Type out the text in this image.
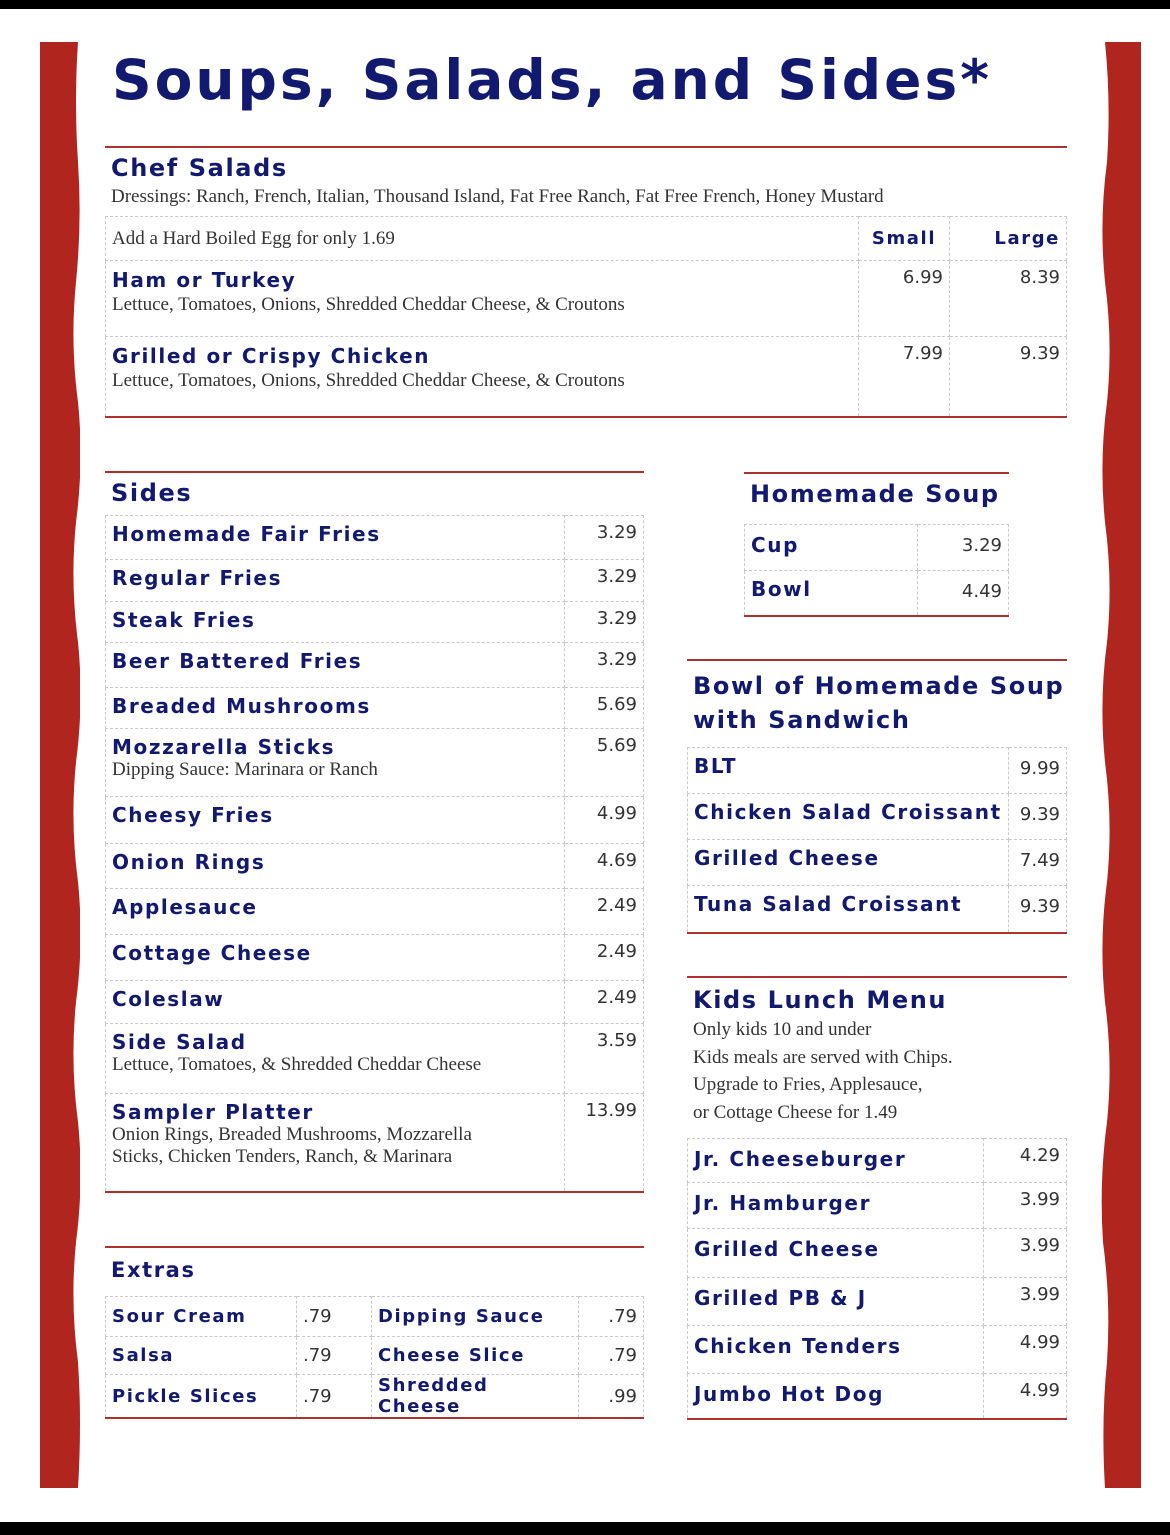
Soups, Salads, and Sides*
Chef Salads
Dressings: Ranch, French, Italian, Thousand Island, Fat Free Ranch, Fat Free French, Honey Mustard
Add a Hard Boiled Egg for only 1.69	Small	Large

Ham or Turkey
Lettuce, Tomatoes, Onions, Shredded Cheddar Cheese, & Croutons	6.99	8.39

Grilled or Crispy Chicken
Lettuce, Tomatoes, Onions, Shredded Cheddar Cheese, & Croutons	7.99	9.39
Sides
Homemade Fair Fries	3.29
Regular Fries	3.29
Steak Fries	3.29
Beer Battered Fries	3.29
Breaded Mushrooms	5.69

Mozzarella Sticks
Dipping Sauce: Marinara or Ranch	5.69
Cheesy Fries	4.99
Onion Rings	4.69
Applesauce	2.49
Cottage Cheese	2.49
Coleslaw	2.49

Side Salad
Lettuce, Tomatoes, & Shredded Cheddar Cheese	3.59

Sampler Platter
Onion Rings, Breaded Mushrooms, Mozzarella
Sticks, Chicken Tenders, Ranch, & Marinara	13.99
Homemade Soup
Cup	3.29
Bowl	4.49
Bowl of Homemade Soup
with Sandwich
BLT	9.99
Chicken Salad Croissant	9.39
Grilled Cheese	7.49
Tuna Salad Croissant	9.39
Kids Lunch Menu
Only kids 10 and under
Kids meals are served with Chips.
Upgrade to Fries, Applesauce,
or Cottage Cheese for 1.49
Jr. Cheeseburger	4.29
Jr. Hamburger	3.99
Grilled Cheese	3.99
Grilled PB & J	3.99
Chicken Tenders	4.99
Jumbo Hot Dog	4.99
Extras
Sour Cream	.79	Dipping Sauce	.79
Salsa	.79	Cheese Slice	.79
Pickle Slices	.79	Shredded Cheese	.99
